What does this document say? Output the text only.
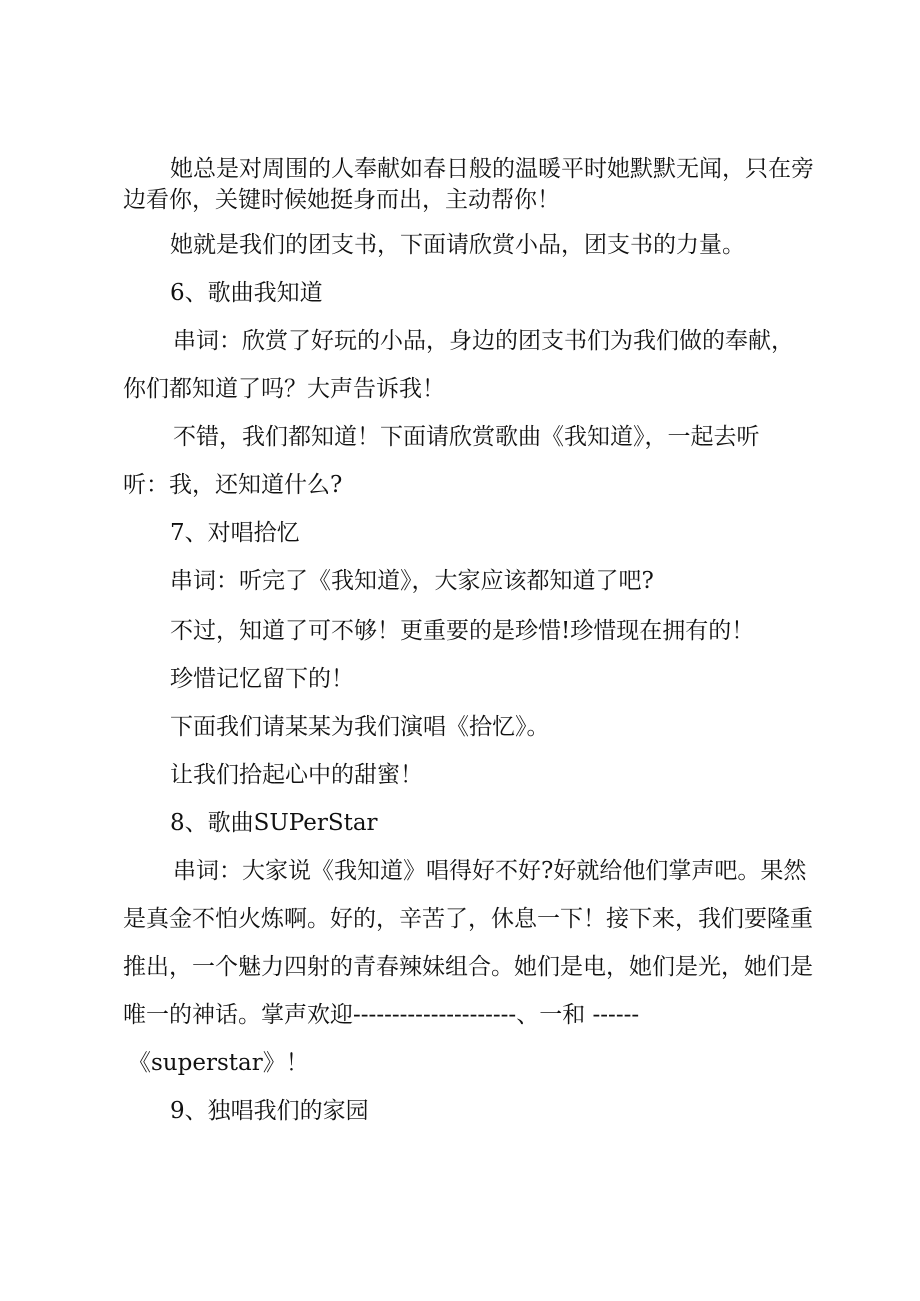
她总是对周围的人奉献如春日般的温暖平时她默默无闻，只在旁

边看你，关键时候她挺身而出，主动帮你！

她就是我们的团支书，下面请欣赏小品，团支书的力量。

6、歌曲我知道

串词：欣赏了好玩的小品，身边的团支书们为我们做的奉献，

你们都知道了吗？大声告诉我！

不错，我们都知道！下面请欣赏歌曲《我知道》，一起去听

听：我，还知道什么?

7、对唱拾忆

串词：听完了《我知道》，大家应该都知道了吧?

不过，知道了可不够！更重要的是珍惜!珍惜现在拥有的！

珍惜记忆留下的！

下面我们请某某为我们演唱《拾忆》。

让我们拾起心中的甜蜜！

8、歌曲SUPerStar

串词：大家说《我知道》唱得好不好?好就给他们掌声吧。果然

是真金不怕火炼啊。好的，辛苦了，休息一下！接下来，我们要隆重

推出，一个魅力四射的青春辣妹组合。她们是电，她们是光，她们是

唯一的神话。掌声欢迎---------------------、一和 ------

《superstar》！

9、独唱我们的家园
